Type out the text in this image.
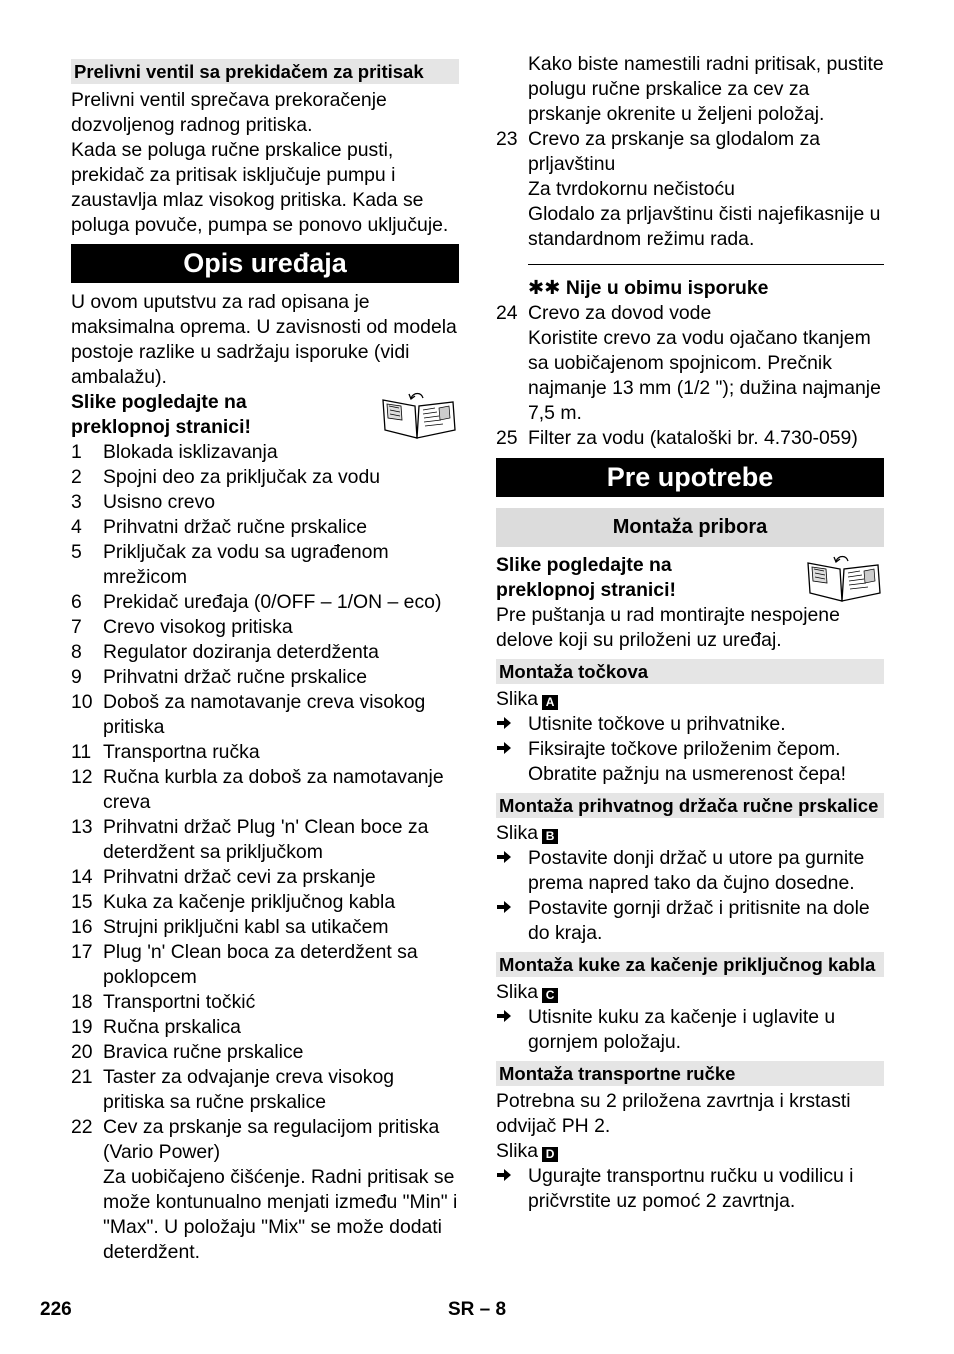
Prelivni ventil sa prekidačem za pritisak

Prelivni ventil sprečava prekoračenje dozvoljenog radnog pritiska.

Kada se poluga ručne prskalice pusti, prekidač za pritisak isključuje pumpu i zaustavlja mlaz visokog pritiska. Kada se poluga povuče, pumpa se ponovo uključuje.

Opis uređaja

U ovom uputstvu za rad opisana je maksimalna oprema. U zavisnosti od modela postoje razlike u sadržaju isporuke (vidi ambalažu).

Slike pogledajte na preklopnoj stranici!
1	Blokada isklizavanja
2	Spojni deo za priključak za vodu
3	Usisno crevo
4	Prihvatni držač ručne prskalice
5	Priključak za vodu sa ugrađenom mrežicom
6	Prekidač uređaja (0/OFF – 1/ON – eco)
7	Crevo visokog pritiska
8	Regulator doziranja deterdženta
9	Prihvatni držač ručne prskalice
10 Doboš za namotavanje creva visokog pritiska
11 Transportna ručka
12 Ručna kurbla za doboš za namotavanje creva
13 Prihvatni držač Plug 'n' Clean boce za deterdžent sa priključkom
14 Prihvatni držač cevi za prskanje
15 Kuka za kačenje priključnog kabla
16 Strujni priključni kabl sa utikačem
17 Plug 'n' Clean boca za deterdžent sa poklopcem
18 Transportni točkić
19 Ručna prskalica
20 Bravica ručne prskalice
21 Taster za odvajanje creva visokog pritiska sa ručne prskalice
22 Cev za prskanje sa regulacijom pritiska (Vario Power)
Za uobičajeno čišćenje. Radni pritisak se može kontunualno menjati između "Min" i "Max". U položaju "Mix" se može dodati deterdžent.
Kako biste namestili radni pritisak, pustite polugu ručne prskalice za cev za prskanje okrenite u željeni položaj.
23 Crevo za prskanje sa glodalom za prljavštinu
Za tvrdokornu nečistoću
Glodalo za prljavštinu čisti najefikasnije u standardnom režimu rada.
✱✱ Nije u obimu isporuke
24 Crevo za dovod vode
Koristite crevo za vodu ojačano tkanjem sa uobičajenom spojnicom. Prečnik najmanje 13 mm (1/2 "); dužina najmanje 7,5 m.
25 Filter za vodu (kataloški br. 4.730-059)
Pre upotrebe
Montaža pribora
Slike pogledajte na preklopnoj stranici!

Pre puštanja u rad montirajte nespojene delove koji su priloženi uz uređaj.

Montaža točkova
Slika A
Utisnite točkove u prihvatnike.
Fiksirajte točkove priloženim čepom. Obratite pažnju na usmerenost čepa!
Montaža prihvatnog držača ručne prskalice
Slika B
Postavite donji držač u utore pa gurnite prema napred tako da čujno dosedne.
Postavite gornji držač i pritisnite na dole do kraja.
Montaža kuke za kačenje priključnog kabla
Slika C
Utisnite kuku za kačenje i uglavite u gornjem položaju.
Montaža transportne ručke

Potrebna su 2 priložena zavrtnja i krstasti odvijač PH 2.

Slika D
Ugurajte transportnu ručku u vodilicu i pričvrstite uz pomoć 2 zavrtnja.
226	SR – 8
